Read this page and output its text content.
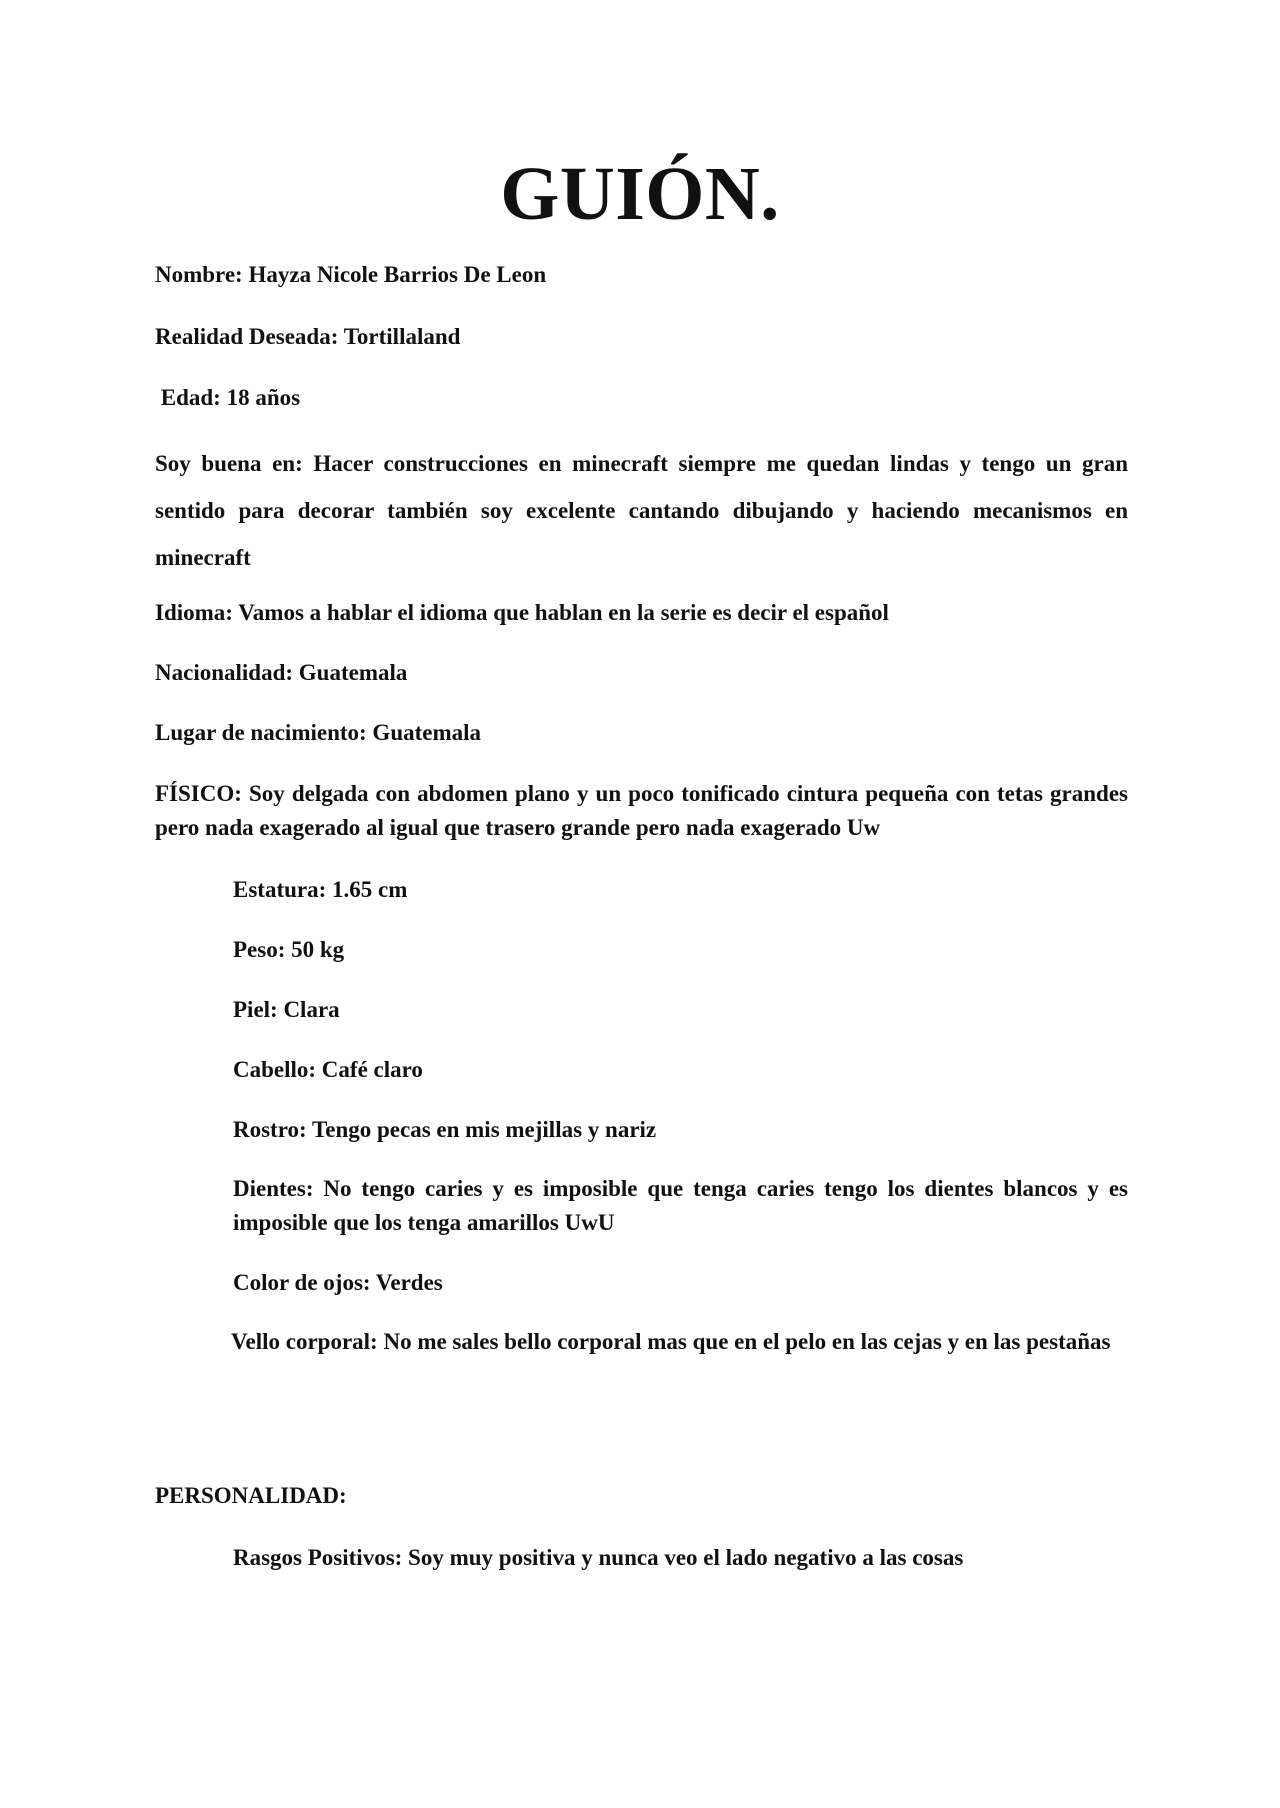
GUIÓN.
Nombre: Hayza Nicole Barrios De Leon
Realidad Deseada: Tortillaland
Edad: 18 años
Soy buena en: Hacer construcciones en minecraft siempre me quedan lindas y tengo un gran sentido para decorar también soy excelente cantando dibujando y haciendo mecanismos en minecraft
Idioma: Vamos a hablar el idioma que hablan en la serie es decir el español
Nacionalidad: Guatemala
Lugar de nacimiento: Guatemala
FÍSICO: Soy delgada con abdomen plano y un poco tonificado cintura pequeña con tetas grandes pero nada exagerado al igual que trasero grande pero nada exagerado Uw
Estatura: 1.65 cm
Peso: 50 kg
Piel: Clara
Cabello: Café claro
Rostro: Tengo pecas en mis mejillas y nariz
Dientes: No tengo caries y es imposible que tenga caries tengo los dientes blancos y es imposible que los tenga amarillos UwU
Color de ojos: Verdes
Vello corporal: No me sales bello corporal mas que en el pelo en las cejas y en las pestañas
PERSONALIDAD:
Rasgos Positivos: Soy muy positiva y nunca veo el lado negativo a las cosas
